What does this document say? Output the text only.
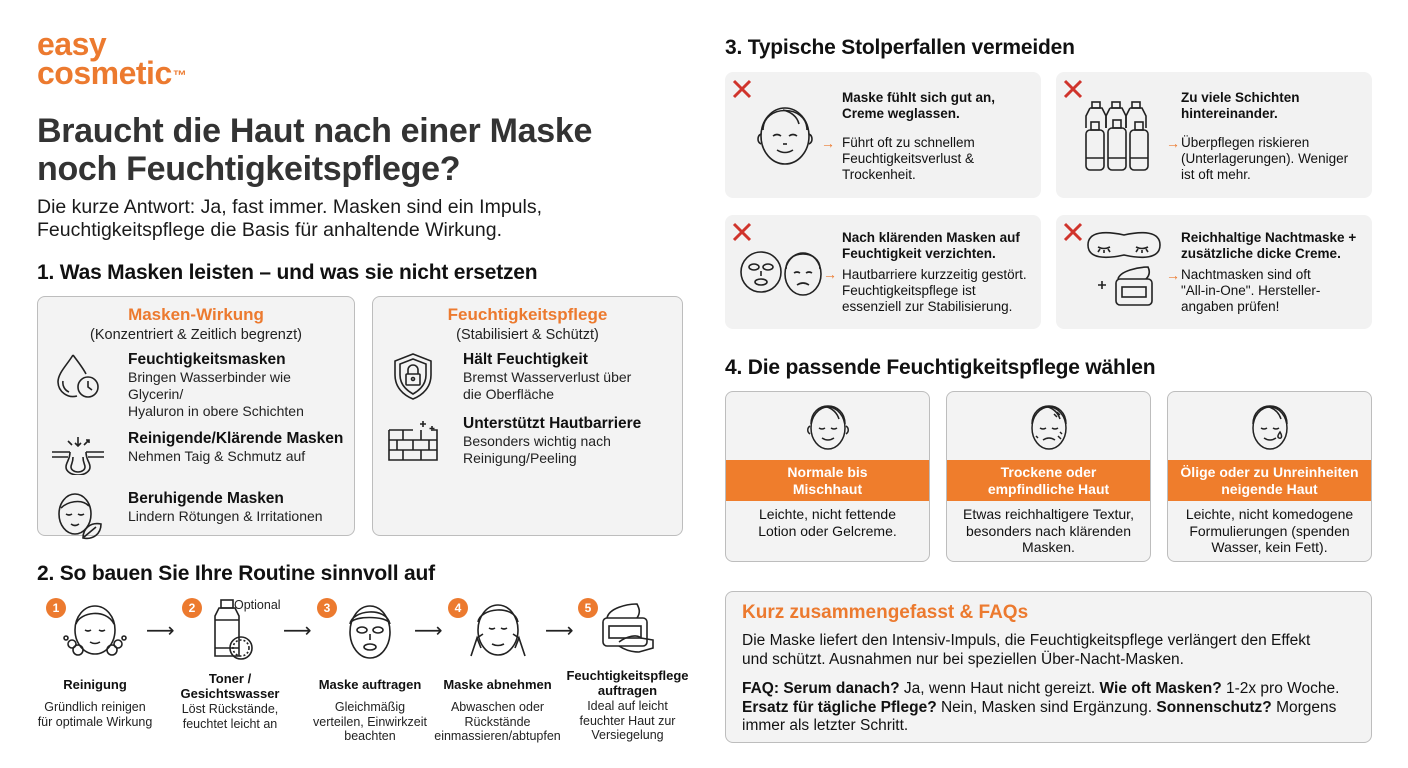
easy
cosmetic™
Braucht die Haut nach einer Maske
noch Feuchtigkeitspflege?
Die kurze Antwort: Ja, fast immer. Masken sind ein Impuls,
Feuchtigkeitspflege die Basis für anhaltende Wirkung.
1. Was Masken leisten – und was sie nicht ersetzen
Masken-Wirkung
(Konzentriert & Zeitlich begrenzt)
Feuchtigkeitsmasken
Bringen Wasserbinder wie Glycerin/
Hyaluron in obere Schichten
Reinigende/Klärende Masken
Nehmen Taig & Schmutz auf
Beruhigende Masken
Lindern Rötungen & Irritationen
Feuchtigkeitspflege
(Stabilisiert & Schützt)
Hält Feuchtigkeit
Bremst Wasserverlust über
die Oberfläche
Unterstützt Hautbarriere
Besonders wichtig nach
Reinigung/Peeling
2. So bauen Sie Ihre Routine sinnvoll auf
1
Reinigung
Gründlich reinigen
für optimale Wirkung
⟶
2	Optional
Toner /
Gesichtswasser
Löst Rückstände,
feuchtet leicht an
⟶
3
Maske auftragen
Gleichmäßig
verteilen, Einwirkzeit
beachten
⟶
4
Maske abnehmen
Abwaschen oder
Rückstände
einmassieren/abtupfen
⟶
5
Feuchtigkeitspflege
auftragen
Ideal auf leicht
feuchter Haut zur
Versiegelung
3. Typische Stolperfallen vermeiden
Maske fühlt sich gut an,
Creme weglassen.
→ Führt oft zu schnellem
Feuchtigkeitsverlust &
Trockenheit.
Zu viele Schichten
hintereinander.
→ Überpflegen riskieren
(Unterlagerungen). Weniger
ist oft mehr.
→
Nach klärenden Masken auf
Feuchtigkeit verzichten.
Hautbarriere kurzzeitig gestört.
Feuchtigkeitspflege ist
essenziell zur Stabilisierung.
Reichhaltige Nachtmaske +
zusätzliche dicke Creme.
→ Nachtmasken sind oft
"All-in-One". Hersteller-
angaben prüfen!
4. Die passende Feuchtigkeitspflege wählen
Normale bis
Mischhaut
Leichte, nicht fettende
Lotion oder Gelcreme.
Trockene oder
empfindliche Haut
Etwas reichhaltigere Textur,
besonders nach klärenden
Masken.
Ölige oder zu Unreinheiten
neigende Haut
Leichte, nicht komedogene
Formulierungen (spenden
Wasser, kein Fett).
Kurz zusammengefasst & FAQs
Die Maske liefert den Intensiv-Impuls, die Feuchtigkeitspflege verlängert den Effekt
und schützt. Ausnahmen nur bei speziellen Über-Nacht-Masken.
FAQ: Serum danach? Ja, wenn Haut nicht gereizt. Wie oft Masken? 1-2x pro Woche.
Ersatz für tägliche Pflege? Nein, Masken sind Ergänzung. Sonnenschutz? Morgens
immer als letzter Schritt.
